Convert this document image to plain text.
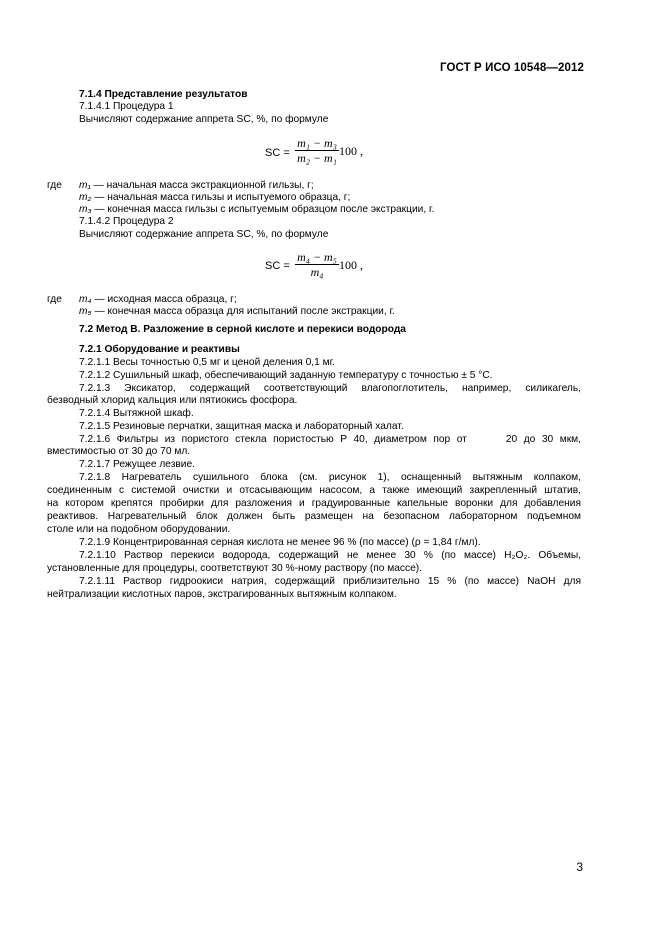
ГОСТ Р ИСО 10548—2012
7.1.4 Представление результатов
7.1.4.1 Процедура 1
Вычисляют содержание аппрета SC, %, по формуле
SC =
m₁ − m₃
m₂ − m₁ 100 ,
где m₁ — начальная масса экстракционной гильзы, г;
m₂ — начальная масса гильзы и испытуемого образца, г;
m₃ — конечная масса гильзы с испытуемым образцом после экстракции, г.
7.1.4.2 Процедура 2
Вычисляют содержание аппрета SC, %, по формуле
SC =
m₄ − m₅
m₄	100 ,
где m₄ — исходная масса образца, г;
m₅ — конечная масса образца для испытаний после экстракции, г.
7.2 Метод В. Разложение в серной кислоте и перекиси водорода
7.2.1 Оборудование и реактивы
7.2.1.1 Весы точностью 0,5 мг и ценой деления 0,1 мг.
7.2.1.2 Сушильный шкаф, обеспечивающий заданную температуру с точностью ± 5 °С.
7.2.1.3 Эксикатор, содержащий соответствующий влагопоглотитель, например, силикагель,
безводный хлорид кальция или пятиокись фосфора.
7.2.1.4 Вытяжной шкаф.
7.2.1.5 Резиновые перчатки, защитная маска и лабораторный халат.
7.2.1.6 Фильтры из пористого стекла пористостью Р 40, диаметром пор от      20 до 30 мкм,
вместимостью от 30 до 70 мл.
7.2.1.7 Режущее лезвие.
7.2.1.8 Нагреватель сушильного блока (см. рисунок 1), оснащенный вытяжным колпаком,
соединенным с системой очистки и отсасывающим насосом, а также имеющий закрепленный штатив,
на котором крепятся пробирки для разложения и градуированные капельные воронки для добавления
реактивов. Нагревательный блок должен быть размещен на безопасном лабораторном подъемном
столе или на подобном оборудовании.
7.2.1.9 Концентрированная серная кислота не менее 96 % (по массе) (ρ = 1,84 г/мл).
7.2.1.10 Раствор перекиси водорода, содержащий не менее 30 % (по массе) H₂O₂. Объемы,
установленные для процедуры, соответствуют 30 %-ному раствору (по массе).
7.2.1.11 Раствор гидроокиси натрия, содержащий приблизительно 15 % (по массе) NaOH для
нейтрализации кислотных паров, экстрагированных вытяжным колпаком.
3
